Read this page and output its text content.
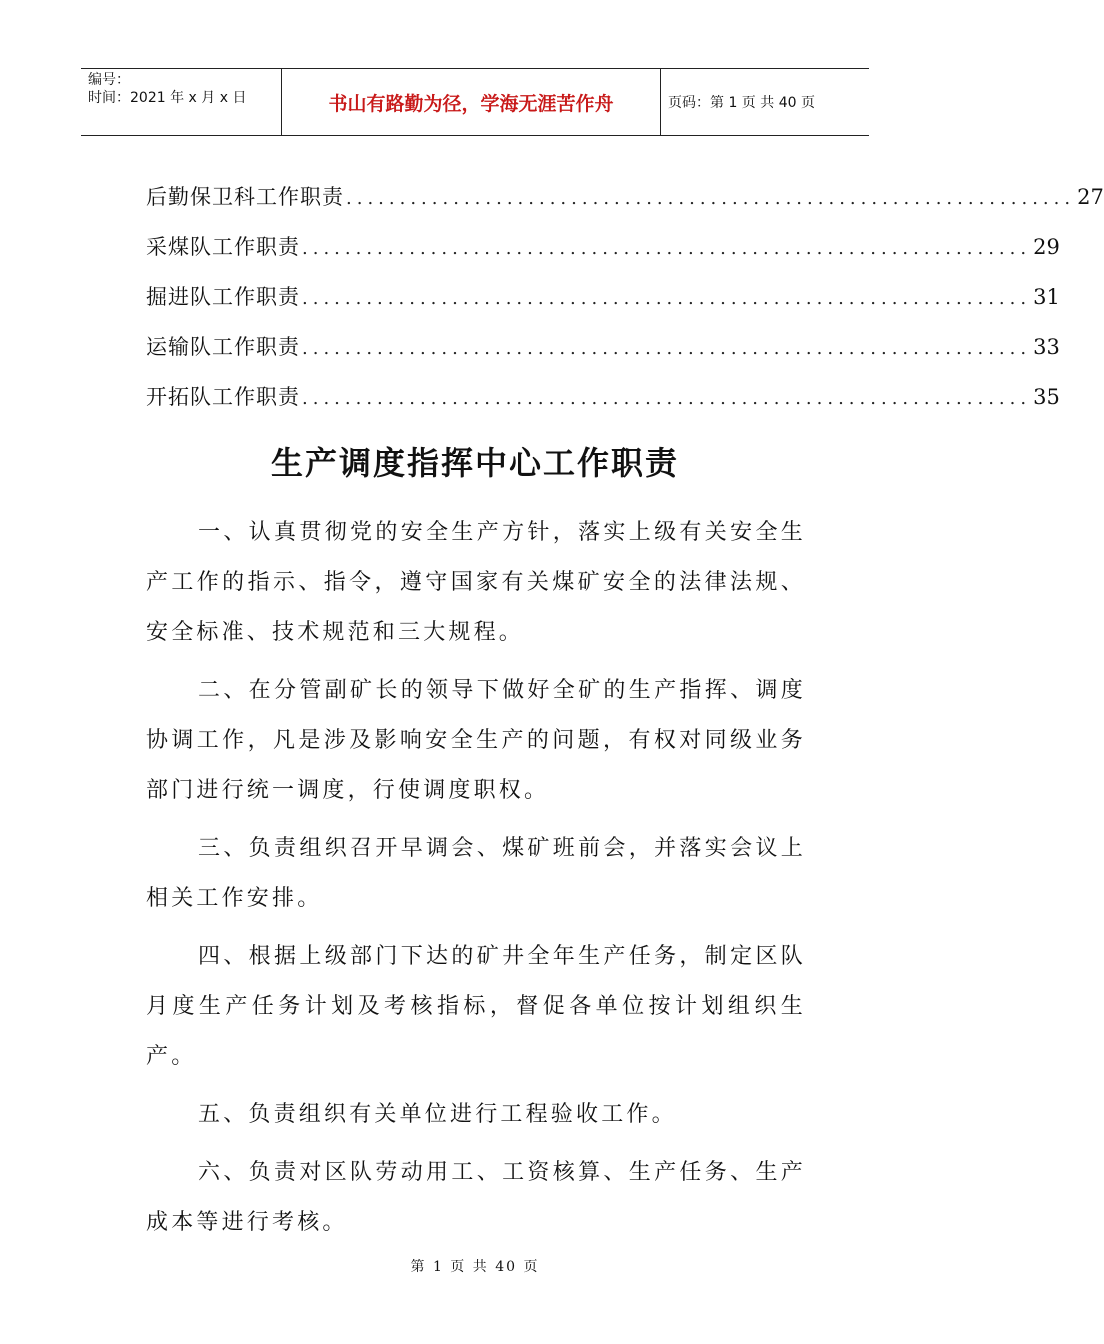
编号：
时间：2021 年 x 月 x 日	书山有路勤为径，学海无涯苦作舟	页码：第 1 页 共 40 页
后勤保卫科工作职责 .................................................................... 27
采煤队工作职责 .................................................................... 29
掘进队工作职责 .................................................................... 31
运输队工作职责 .................................................................... 33
开拓队工作职责 .................................................................... 35
生产调度指挥中心工作职责

一、认真贯彻党的安全生产方针，落实上级有关安全生产工作的指示、指令，遵守国家有关煤矿安全的法律法规、安全标准、技术规范和三大规程。

二、在分管副矿长的领导下做好全矿的生产指挥、调度协调工作，凡是涉及影响安全生产的问题，有权对同级业务部门进行统一调度，行使调度职权。

三、负责组织召开早调会、煤矿班前会，并落实会议上相关工作安排。

四、根据上级部门下达的矿井全年生产任务，制定区队月度生产任务计划及考核指标，督促各单位按计划组织生产。

五、负责组织有关单位进行工程验收工作。

六、负责对区队劳动用工、工资核算、生产任务、生产成本等进行考核。

第 1 页 共 40 页
